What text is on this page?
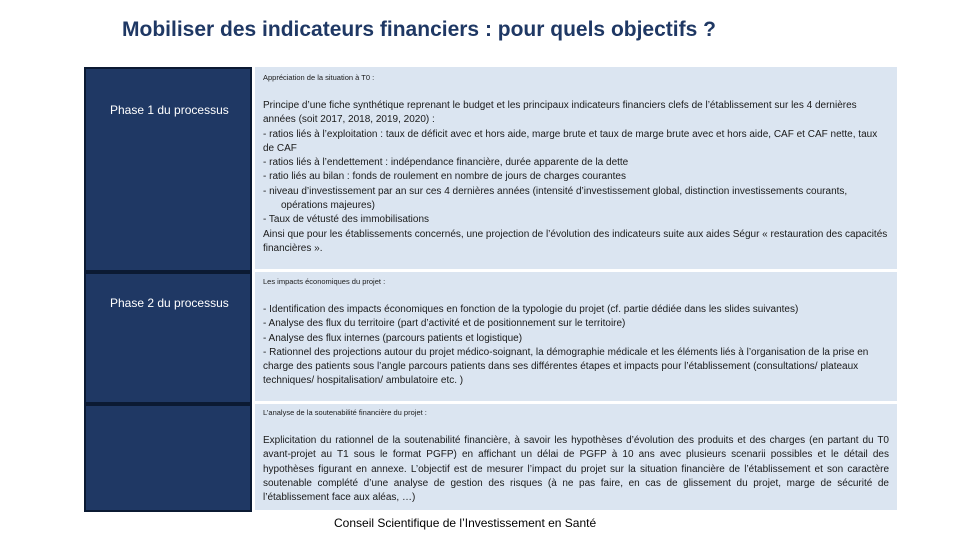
Mobiliser des indicateurs financiers : pour quels objectifs ?
Phase 1 du processus
Phase 2 du processus
Appréciation de la situation à T0 :

Principe d’une fiche synthétique reprenant le budget et les principaux indicateurs financiers clefs de l’établissement sur les 4 dernières années (soit 2017, 2018, 2019, 2020) :

- ratios liés à l’exploitation : taux de déficit avec et hors aide, marge brute et taux de marge brute avec et hors aide, CAF et CAF nette, taux de CAF

- ratios liés à l’endettement : indépendance financière, durée apparente de la dette

- ratio liés au bilan : fonds de roulement en nombre de jours de charges courantes

- niveau d’investissement par an sur ces 4 dernières années (intensité d’investissement global, distinction investissements courants, opérations majeures)

- Taux de vétusté des immobilisations

Ainsi que pour les établissements concernés, une projection de l’évolution des indicateurs suite aux aides Ségur « restauration des capacités financières ».

Les impacts économiques du projet :

- Identification des impacts économiques en fonction de la typologie du projet (cf. partie dédiée dans les slides suivantes)

- Analyse des flux du territoire (part d’activité et de positionnement sur le territoire)

- Analyse des flux internes (parcours patients et logistique)

- Rationnel des projections autour du projet médico-soignant, la démographie médicale et les éléments liés à l’organisation de la prise en charge des patients sous l’angle parcours patients dans ses différentes étapes et impacts pour l’établissement (consultations/ plateaux techniques/ hospitalisation/ ambulatoire etc. )

L’analyse de la soutenabilité financière du projet :

Explicitation du rationnel de la soutenabilité financière, à savoir les hypothèses d’évolution des produits et des charges (en partant du T0 avant-projet au T1 sous le format PGFP) en affichant un délai de PGFP à 10 ans avec plusieurs scenarii possibles et le détail des hypothèses figurant en annexe. L’objectif est de mesurer l’impact du projet sur la situation financière de l’établissement et son caractère soutenable complété d’une analyse de gestion des risques (à ne pas faire, en cas de glissement du projet, marge de sécurité de l’établissement face aux aléas, …)

Conseil Scientifique de l’Investissement en Santé
